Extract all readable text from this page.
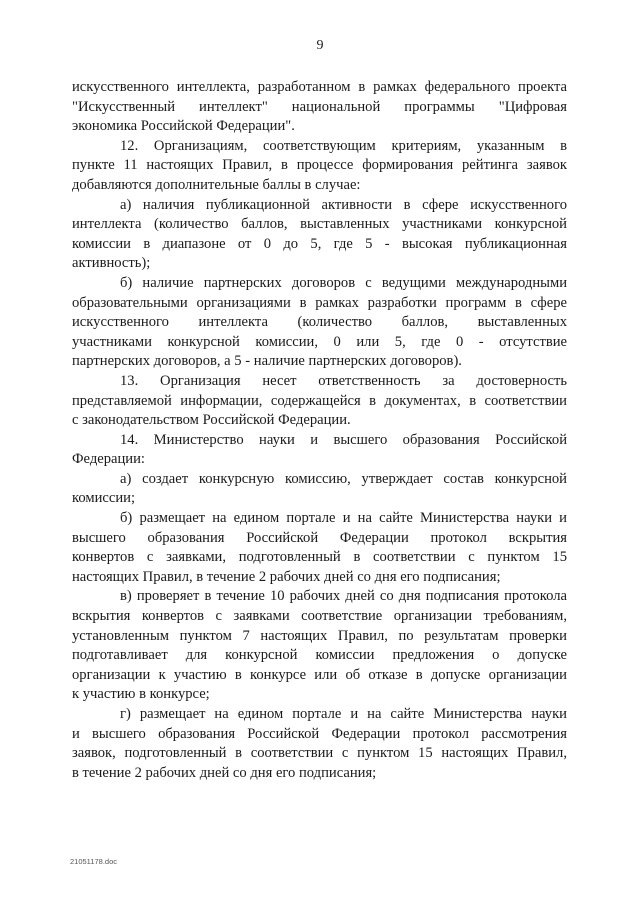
9
искусственного интеллекта, разработанном в рамках федерального проекта
"Искусственный интеллект" национальной программы "Цифровая
экономика Российской Федерации".
12. Организациям, соответствующим критериям, указанным в
пункте 11 настоящих Правил, в процессе формирования рейтинга заявок
добавляются дополнительные баллы в случае:
а) наличия публикационной активности в сфере искусственного
интеллекта (количество баллов, выставленных участниками конкурсной
комиссии в диапазоне от 0 до 5, где 5 - высокая публикационная
активность);
б) наличие партнерских договоров с ведущими международными
образовательными организациями в рамках разработки программ в сфере
искусственного интеллекта (количество баллов, выставленных
участниками конкурсной комиссии, 0 или 5, где 0 - отсутствие
партнерских договоров, а 5 - наличие партнерских договоров).
13. Организация несет ответственность за достоверность
представляемой информации, содержащейся в документах, в соответствии
с законодательством Российской Федерации.
14. Министерство науки и высшего образования Российской
Федерации:
а) создает конкурсную комиссию, утверждает состав конкурсной
комиссии;
б) размещает на едином портале и на сайте Министерства науки и
высшего образования Российской Федерации протокол вскрытия
конвертов с заявками, подготовленный в соответствии с пунктом 15
настоящих Правил, в течение 2 рабочих дней со дня его подписания;
в) проверяет в течение 10 рабочих дней со дня подписания протокола
вскрытия конвертов с заявками соответствие организации требованиям,
установленным пунктом 7 настоящих Правил, по результатам проверки
подготавливает для конкурсной комиссии предложения о допуске
организации к участию в конкурсе или об отказе в допуске организации
к участию в конкурсе;
г) размещает на едином портале и на сайте Министерства науки
и высшего образования Российской Федерации протокол рассмотрения
заявок, подготовленный в соответствии с пунктом 15 настоящих Правил,
в течение 2 рабочих дней со дня его подписания;
21051178.doc
